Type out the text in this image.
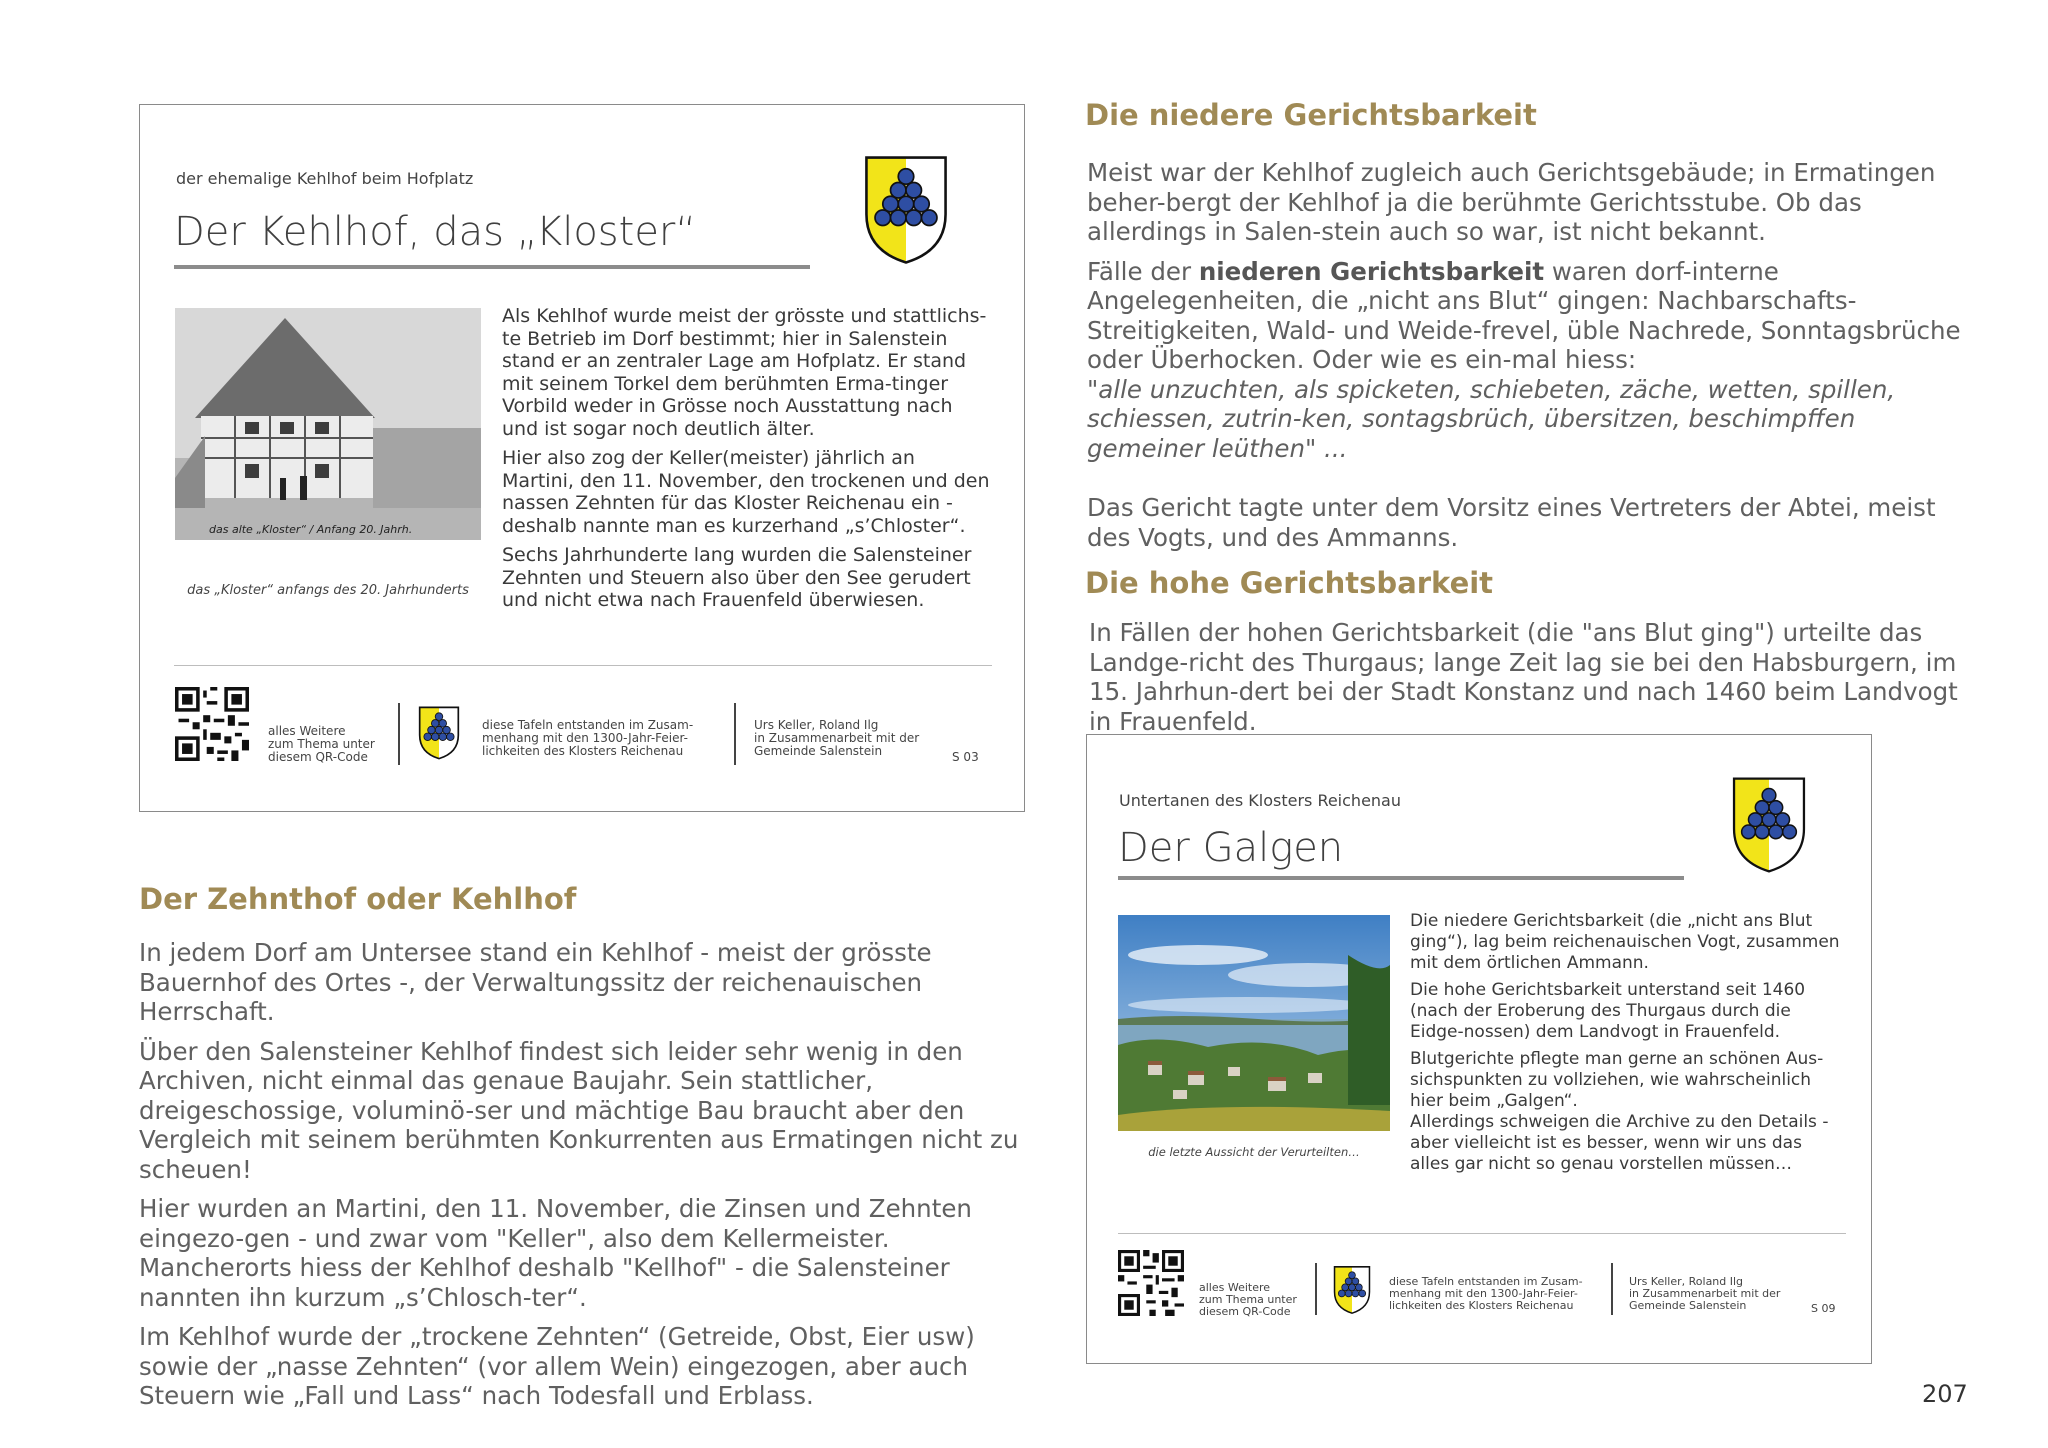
der ehemalige Kehlhof beim Hofplatz
Der Kehlhof, das „Kloster“
das alte „Kloster“ / Anfang 20. Jahrh.
das „Kloster“ anfangs des 20. Jahrhunderts

Als Kehlhof wurde meist der grösste und stattlichs-te Betrieb im Dorf bestimmt; hier in Salenstein stand er an zentraler Lage am Hofplatz. Er stand mit seinem Torkel dem berühmten Erma-tinger Vorbild weder in Grösse noch Ausstattung nach und ist sogar noch deutlich älter.

Hier also zog der Keller(meister) jährlich an Martini, den 11. November, den trockenen und den nassen Zehnten für das Kloster Reichenau ein - deshalb nannte man es kurzerhand „s’Chloster“.

Sechs Jahrhunderte lang wurden die Salensteiner Zehnten und Steuern also über den See gerudert und nicht etwa nach Frauenfeld überwiesen.

alles Weitere
zum Thema unter
diesem QR-Code
diese Tafeln entstanden im Zusam-
menhang mit den 1300-Jahr-Feier-
lichkeiten des Klosters Reichenau
Urs Keller, Roland Ilg
in Zusammenarbeit mit der
Gemeinde Salenstein	S 03
Untertanen des Klosters Reichenau
Der Galgen
die letzte Aussicht der Verurteilten…

Die niedere Gerichtsbarkeit (die „nicht ans Blut ging“), lag beim reichenauischen Vogt, zusammen mit dem örtlichen Ammann.

Die hohe Gerichtsbarkeit unterstand seit 1460 (nach der Eroberung des Thurgaus durch die Eidge-nossen) dem Landvogt in Frauenfeld.

Blutgerichte pflegte man gerne an schönen Aus-sichspunkten zu vollziehen, wie wahrscheinlich hier beim „Galgen“.
Allerdings schweigen die Archive zu den Details - aber vielleicht ist es besser, wenn wir uns das alles gar nicht so genau vorstellen müssen…

alles Weitere
zum Thema unter
diesem QR-Code
diese Tafeln entstanden im Zusam-
menhang mit den 1300-Jahr-Feier-
lichkeiten des Klosters Reichenau
Urs Keller, Roland Ilg
in Zusammenarbeit mit der
Gemeinde Salenstein	S 09
Die niedere Gerichtsbarkeit

Meist war der Kehlhof zugleich auch Gerichtsgebäude; in Ermatingen beher-bergt der Kehlhof ja die berühmte Gerichtsstube. Ob das allerdings in Salen-stein auch so war, ist nicht bekannt.

Fälle der niederen Gerichtsbarkeit waren dorf-interne Angelegenheiten, die „nicht ans Blut“ gingen: Nachbarschafts-Streitigkeiten, Wald- und Weide-frevel, üble Nachrede, Sonntagsbrüche oder Überhocken. Oder wie es ein-mal hiess:

"alle unzuchten, als spicketen, schiebeten, zäche, wetten, spillen, schiessen, zutrin-ken, sontagsbrüch, übersitzen, beschimpffen gemeiner leüthen" ...

Das Gericht tagte unter dem Vorsitz eines Vertreters der Abtei, meist des Vogts, und des Ammanns.

Die hohe Gerichtsbarkeit

In Fällen der hohen Gerichtsbarkeit (die "ans Blut ging") urteilte das Landge-richt des Thurgaus; lange Zeit lag sie bei den Habsburgern, im 15. Jahrhun-dert bei der Stadt Konstanz und nach 1460 beim Landvogt in Frauenfeld.

Der Zehnthof oder Kehlhof

In jedem Dorf am Untersee stand ein Kehlhof - meist der grösste Bauernhof des Ortes -, der Verwaltungssitz der reichenauischen Herrschaft.

Über den Salensteiner Kehlhof findest sich leider sehr wenig in den Archiven, nicht einmal das genaue Baujahr. Sein stattlicher, dreigeschossige, voluminö-ser und mächtige Bau braucht aber den Vergleich mit seinem berühmten Konkurrenten aus Ermatingen nicht zu scheuen!

Hier wurden an Martini, den 11. November, die Zinsen und Zehnten eingezo-gen - und zwar vom "Keller", also dem Kellermeister. Mancherorts hiess der Kehlhof deshalb "Kellhof" - die Salensteiner nannten ihn kurzum „s’Chlosch-ter“.

Im Kehlhof wurde der „trockene Zehnten“ (Getreide, Obst, Eier usw) sowie der „nasse Zehnten“ (vor allem Wein) eingezogen, aber auch Steuern wie „Fall und Lass“ nach Todesfall und Erblass.	207
